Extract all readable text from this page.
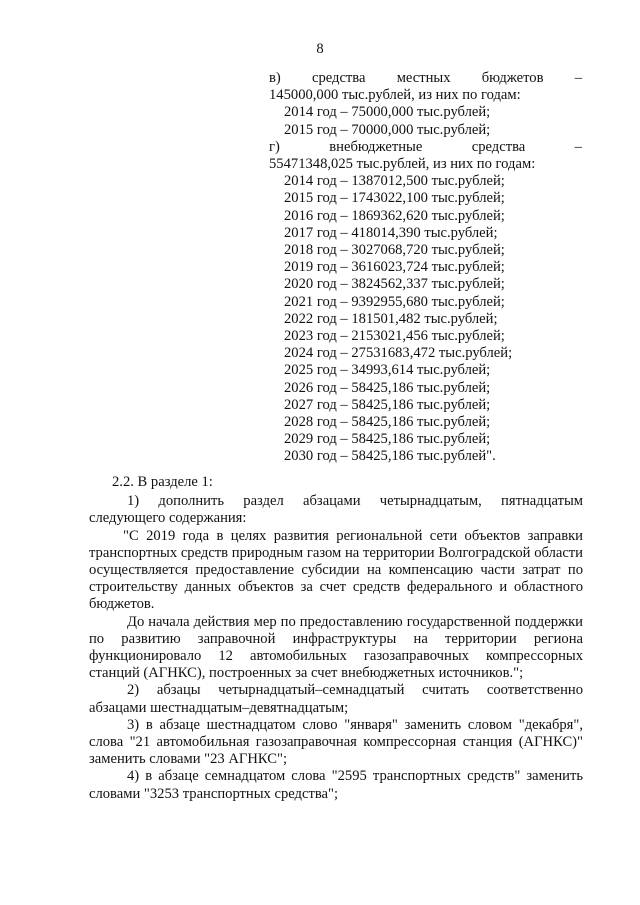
8
в) средства местных бюджетов –
145000,000 тыс.рублей, из них по годам:
2014 год – 75000,000 тыс.рублей;
2015 год – 70000,000 тыс.рублей;
г)	внебюджетные	средства	–
55471348,025 тыс.рублей, из них по годам:
2014 год – 1387012,500 тыс.рублей;
2015 год – 1743022,100 тыс.рублей;
2016 год – 1869362,620 тыс.рублей;
2017 год – 418014,390 тыс.рублей;
2018 год – 3027068,720 тыс.рублей;
2019 год – 3616023,724 тыс.рублей;
2020 год – 3824562,337 тыс.рублей;
2021 год – 9392955,680 тыс.рублей;
2022 год – 181501,482 тыс.рублей;
2023 год – 2153021,456 тыс.рублей;
2024 год – 27531683,472 тыс.рублей;
2025 год – 34993,614 тыс.рублей;
2026 год – 58425,186 тыс.рублей;
2027 год – 58425,186 тыс.рублей;
2028 год – 58425,186 тыс.рублей;
2029 год – 58425,186 тыс.рублей;
2030 год – 58425,186 тыс.рублей".
2.2. В разделе 1:

1) дополнить раздел абзацами четырнадцатым, пятнадцатым следующего содержания:

"С 2019 года в целях развития региональной сети объектов заправки транспортных средств природным газом на территории Волгоградской области осуществляется предоставление субсидии на компенсацию части затрат по строительству данных объектов за счет средств федерального и областного бюджетов.

До начала действия мер по предоставлению государственной поддержки по развитию заправочной инфраструктуры на территории региона функционировало 12 автомобильных газозаправочных компрессорных станций (АГНКС), построенных за счет внебюджетных источников.";

2) абзацы четырнадцатый–семнадцатый считать соответственно абзацами шестнадцатым–девятнадцатым;

3) в абзаце шестнадцатом слово "января" заменить словом "декабря", слова "21 автомобильная газозаправочная компрессорная станция (АГНКС)" заменить словами "23 АГНКС";

4) в абзаце семнадцатом слова "2595 транспортных средств" заменить словами "3253 транспортных средства";
